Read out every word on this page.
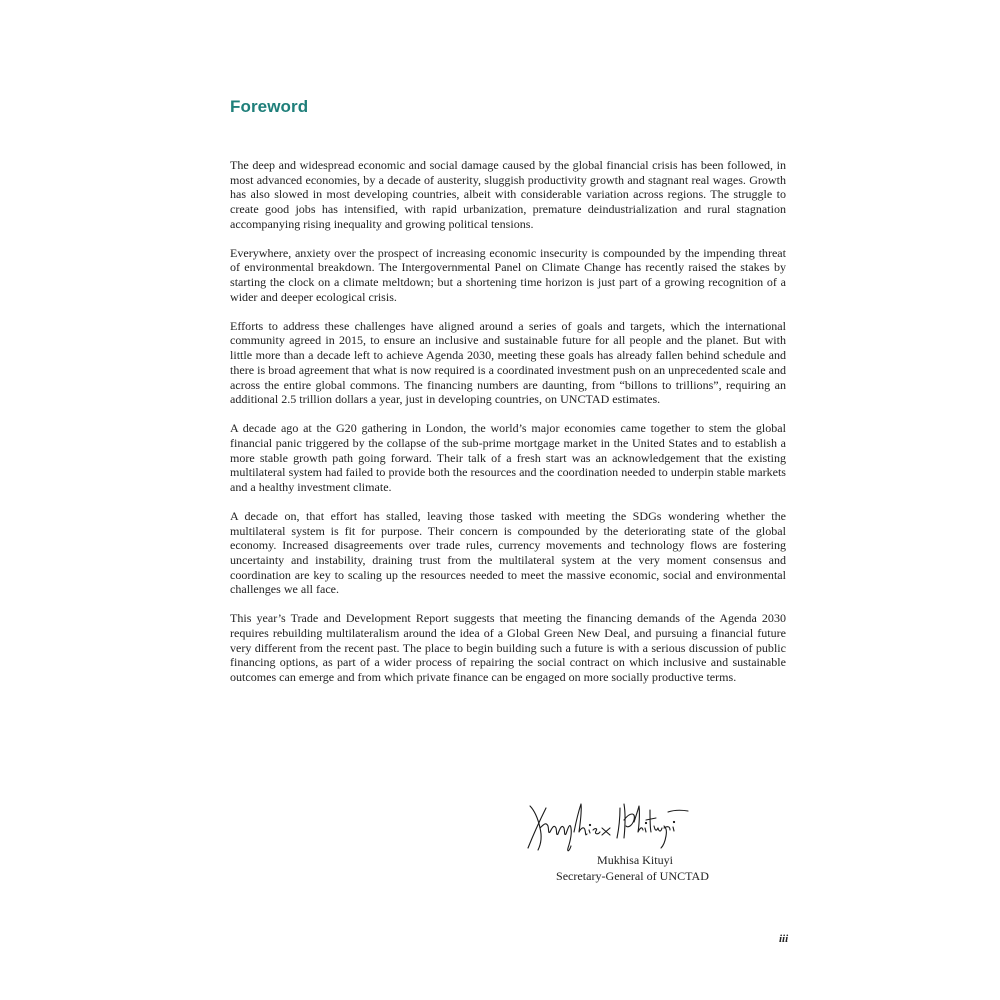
Foreword

The deep and widespread economic and social damage caused by the global financial crisis has been followed, in most advanced economies, by a decade of austerity, sluggish productivity growth and stagnant real wages. Growth has also slowed in most developing countries, albeit with considerable variation across regions. The struggle to create good jobs has intensified, with rapid urbanization, premature deindustrialization and rural stagnation accompanying rising inequality and growing political tensions.

Everywhere, anxiety over the prospect of increasing economic insecurity is compounded by the impending threat of environmental breakdown. The Intergovernmental Panel on Climate Change has recently raised the stakes by starting the clock on a climate meltdown; but a shortening time horizon is just part of a growing recognition of a wider and deeper ecological crisis.

Efforts to address these challenges have aligned around a series of goals and targets, which the international community agreed in 2015, to ensure an inclusive and sustainable future for all people and the planet. But with little more than a decade left to achieve Agenda 2030, meeting these goals has already fallen behind schedule and there is broad agreement that what is now required is a coordinated investment push on an unprecedented scale and across the entire global commons. The financing numbers are daunting, from “billons to trillions”, requiring an additional 2.5 trillion dollars a year, just in developing countries, on UNCTAD estimates.

A decade ago at the G20 gathering in London, the world’s major economies came together to stem the global financial panic triggered by the collapse of the sub-prime mortgage market in the United States and to establish a more stable growth path going forward. Their talk of a fresh start was an acknowledgement that the existing multilateral system had failed to provide both the resources and the coordination needed to underpin stable markets and a healthy investment climate.

A decade on, that effort has stalled, leaving those tasked with meeting the SDGs wondering whether the multilateral system is fit for purpose. Their concern is compounded by the deteriorating state of the global economy. Increased disagreements over trade rules, currency movements and technology flows are fostering uncertainty and instability, draining trust from the multilateral system at the very moment consensus and coordination are key to scaling up the resources needed to meet the massive economic, social and environmental challenges we all face.

This year’s Trade and Development Report suggests that meeting the financing demands of the Agenda 2030 requires rebuilding multilateralism around the idea of a Global Green New Deal, and pursuing a financial future very different from the recent past. The place to begin building such a future is with a serious discussion of public financing options, as part of a wider process of repairing the social contract on which inclusive and sustainable outcomes can emerge and from which private finance can be engaged on more socially productive terms.

Mukhisa Kituyi
Secretary-General of UNCTAD
iii
